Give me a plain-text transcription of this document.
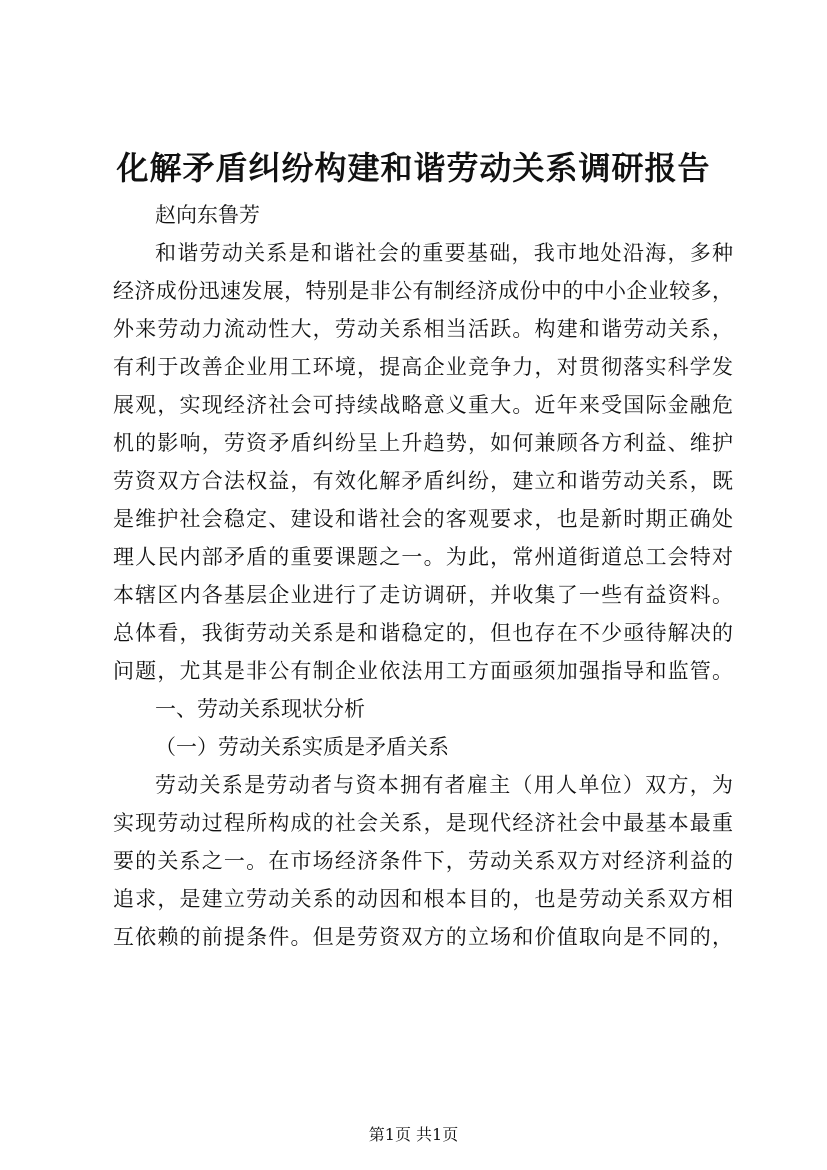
化解矛盾纠纷构建和谐劳动关系调研报告
赵向东鲁芳
和谐劳动关系是和谐社会的重要基础，我市地处沿海，多种
经济成份迅速发展，特别是非公有制经济成份中的中小企业较多，
外来劳动力流动性大，劳动关系相当活跃。构建和谐劳动关系，
有利于改善企业用工环境，提高企业竞争力，对贯彻落实科学发
展观，实现经济社会可持续战略意义重大。近年来受国际金融危
机的影响，劳资矛盾纠纷呈上升趋势，如何兼顾各方利益、维护
劳资双方合法权益，有效化解矛盾纠纷，建立和谐劳动关系，既
是维护社会稳定、建设和谐社会的客观要求，也是新时期正确处
理人民内部矛盾的重要课题之一。为此，常州道街道总工会特对
本辖区内各基层企业进行了走访调研，并收集了一些有益资料。
总体看，我街劳动关系是和谐稳定的，但也存在不少亟待解决的
问题，尤其是非公有制企业依法用工方面亟须加强指导和监管。
一、劳动关系现状分析
（一）劳动关系实质是矛盾关系
劳动关系是劳动者与资本拥有者雇主（用人单位）双方，为
实现劳动过程所构成的社会关系，是现代经济社会中最基本最重
要的关系之一。在市场经济条件下，劳动关系双方对经济利益的
追求，是建立劳动关系的动因和根本目的，也是劳动关系双方相
互依赖的前提条件。但是劳资双方的立场和价值取向是不同的，
第1页 共1页
